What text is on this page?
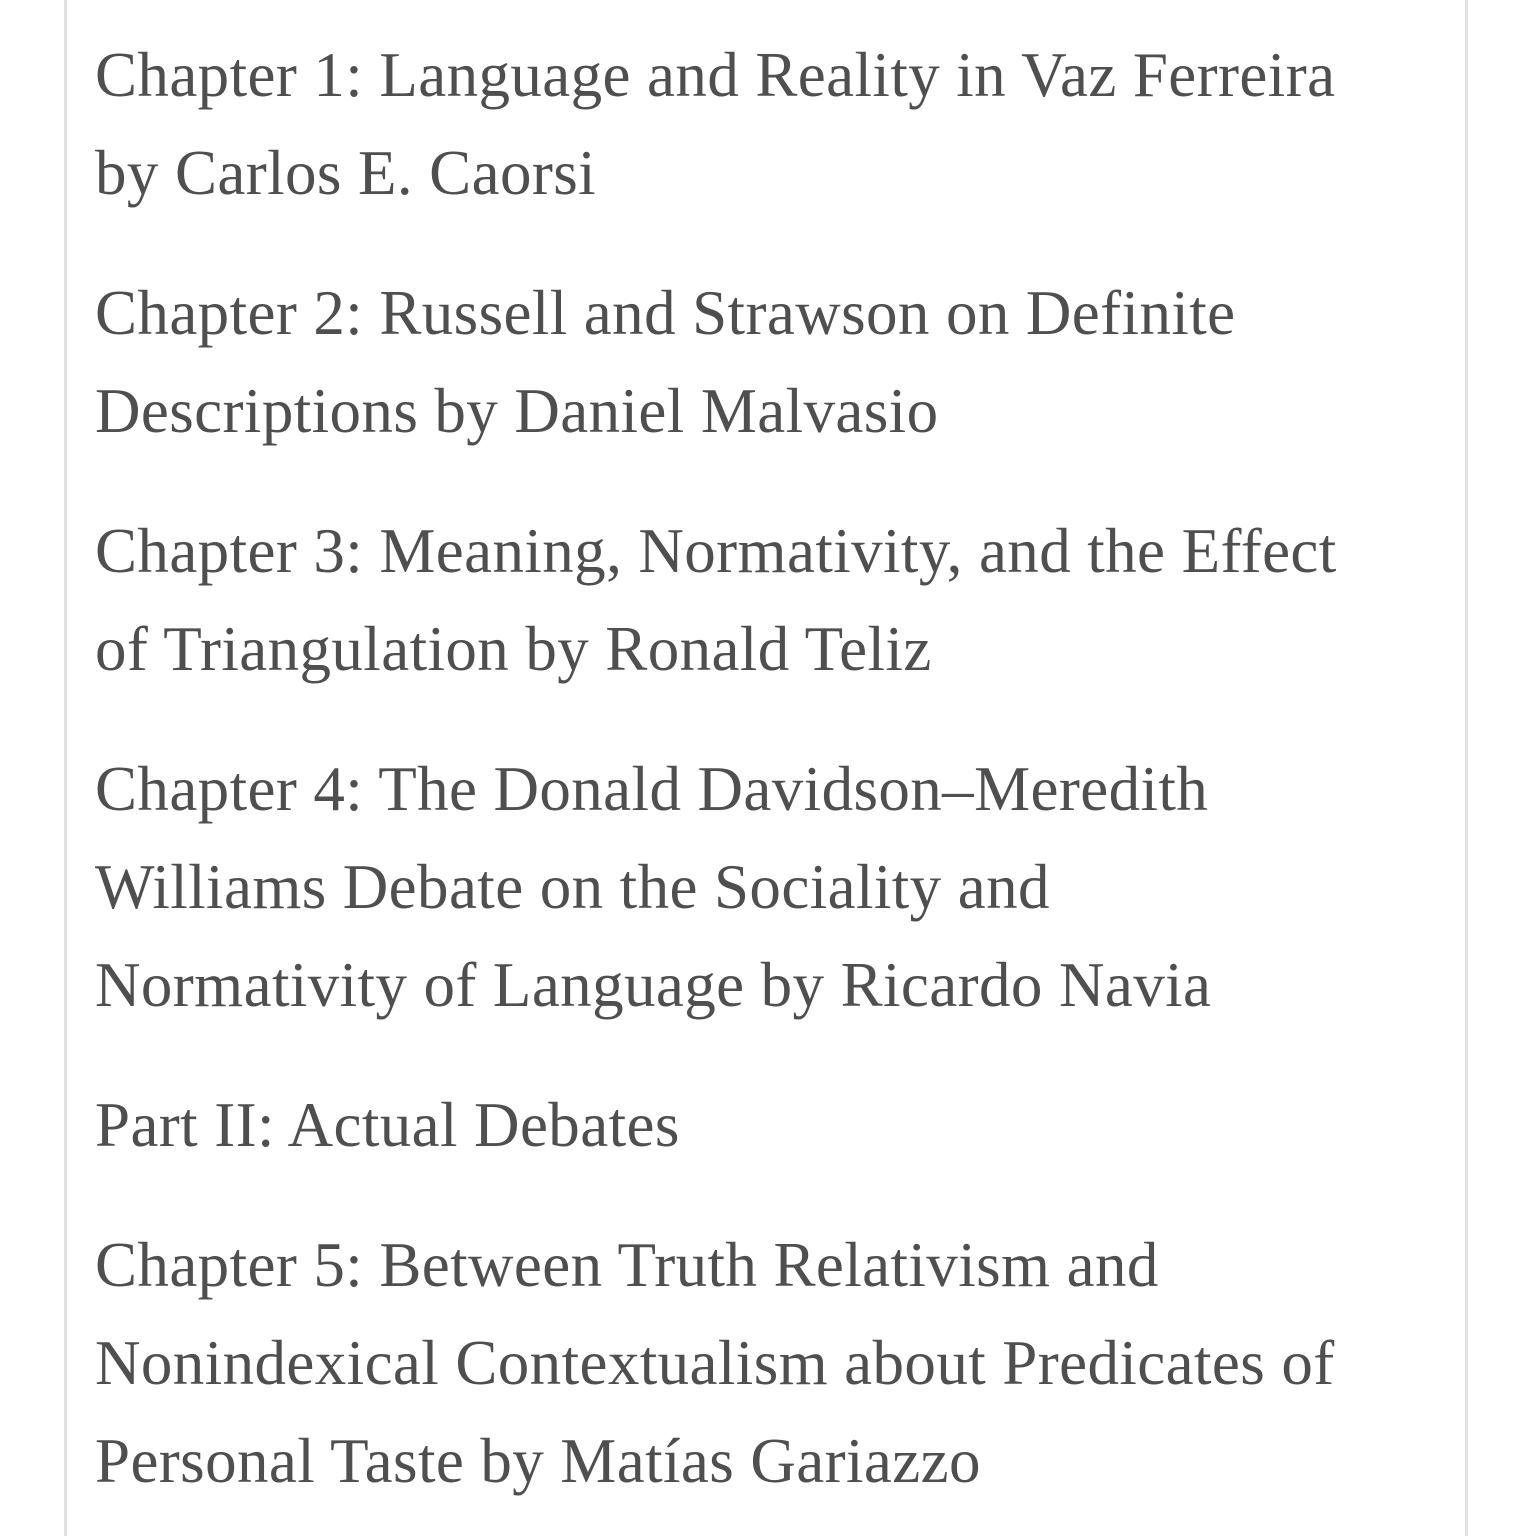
Chapter 1: Language and Reality in Vaz Ferreira
by Carlos E. Caorsi
Chapter 2: Russell and Strawson on Definite
Descriptions by Daniel Malvasio
Chapter 3: Meaning, Normativity, and the Effect
of Triangulation by Ronald Teliz
Chapter 4: The Donald Davidson–Meredith
Williams Debate on the Sociality and
Normativity of Language by Ricardo Navia
Part II: Actual Debates
Chapter 5: Between Truth Relativism and
Nonindexical Contextualism about Predicates of
Personal Taste by Matías Gariazzo
